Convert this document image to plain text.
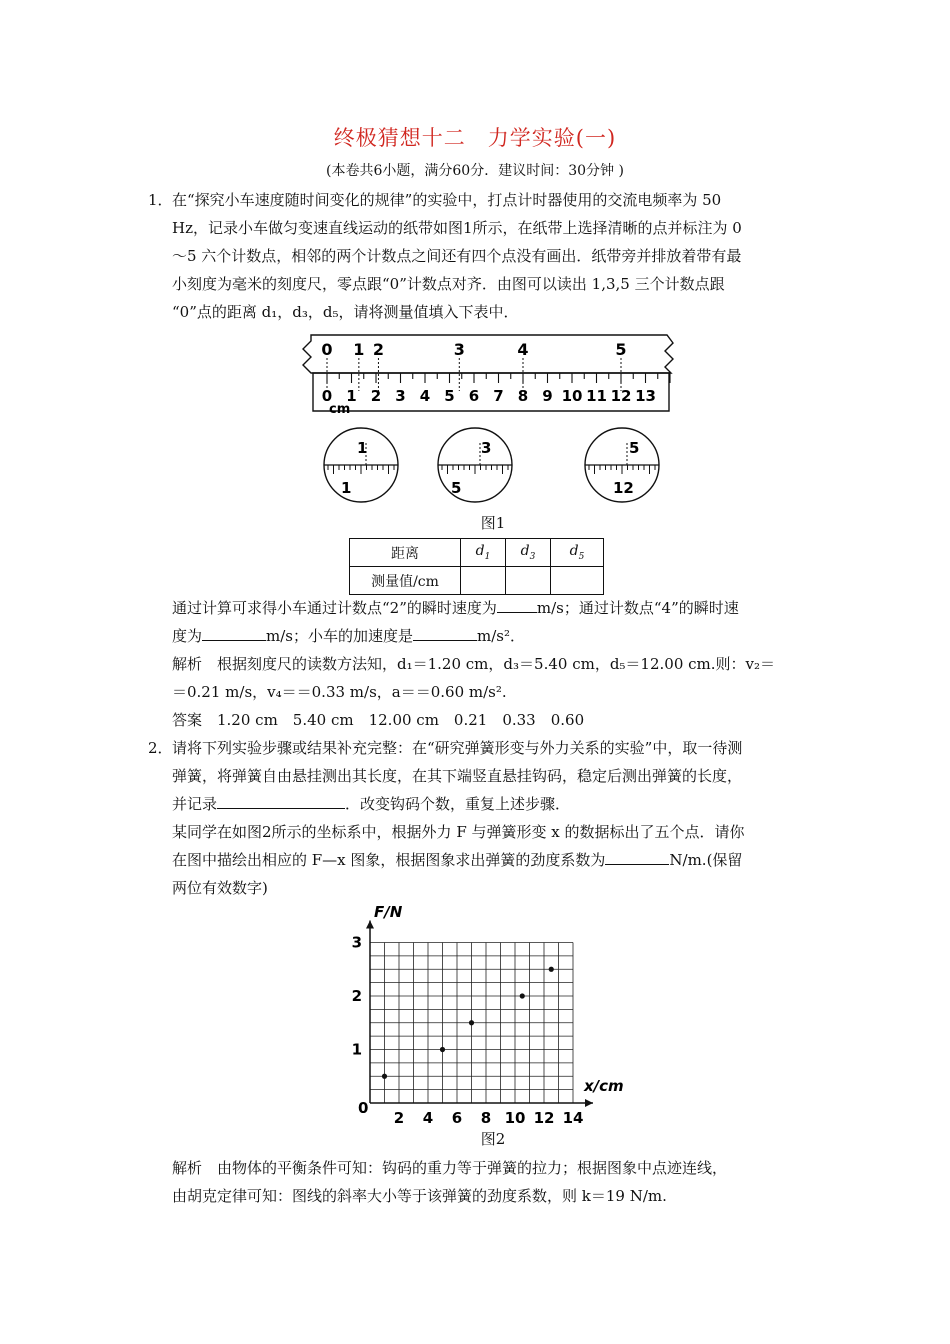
终极猜想十二　力学实验(一)
(本卷共6小题，满分60分．建议时间：30分钟 )
1． 在“探究小车速度随时间变化的规律”的实验中，打点计时器使用的交流电频率为 50
Hz，记录小车做匀变速直线运动的纸带如图1所示，在纸带上选择清晰的点并标注为 0
～5 六个计数点，相邻的两个计数点之间还有四个点没有画出．纸带旁并排放着带有最
小刻度为毫米的刻度尺，零点跟“0”计数点对齐．由图可以读出 1,3,5 三个计数点跟
“0”点的距离 d₁，d₃，d₅，请将测量值填入下表中．
0 1 2 3 4 5 6 7 8 9 10 11 12 13
0 1 2	3	4	5
cm
1
1
3
5
5
12
图1
距离	$d_1$	$d_3$	$d_5$
测量值/cm			
通过计算可求得小车通过计数点“2”的瞬时速度为	m/s；通过计数点“4”的瞬时速
度为	m/s；小车的加速度是	m/s²．
解析　根据刻度尺的读数方法知，d₁＝1.20 cm，d₃＝5.40 cm，d₅＝12.00 cm.则：v₂＝
＝0.21 m/s，v₄＝＝0.33 m/s，a＝＝0.60 m/s².
答案　1.20 cm　5.40 cm　12.00 cm　0.21　0.33　0.60
2． 请将下列实验步骤或结果补充完整：在“研究弹簧形变与外力关系的实验”中，取一待测
弹簧，将弹簧自由悬挂测出其长度，在其下端竖直悬挂钩码，稳定后测出弹簧的长度，
并记录	．改变钩码个数，重复上述步骤．
某同学在如图2所示的坐标系中，根据外力 F 与弹簧形变 x 的数据标出了五个点．请你
在图中描绘出相应的 F—x 图象，根据图象求出弹簧的劲度系数为	N/m.(保留
两位有效数字)
2 4 6 8 10 12 14
1
2
3
F/N
x/cm
0
图2
解析　由物体的平衡条件可知：钩码的重力等于弹簧的拉力；根据图象中点迹连线，
由胡克定律可知：图线的斜率大小等于该弹簧的劲度系数，则 k＝19 N/m.
